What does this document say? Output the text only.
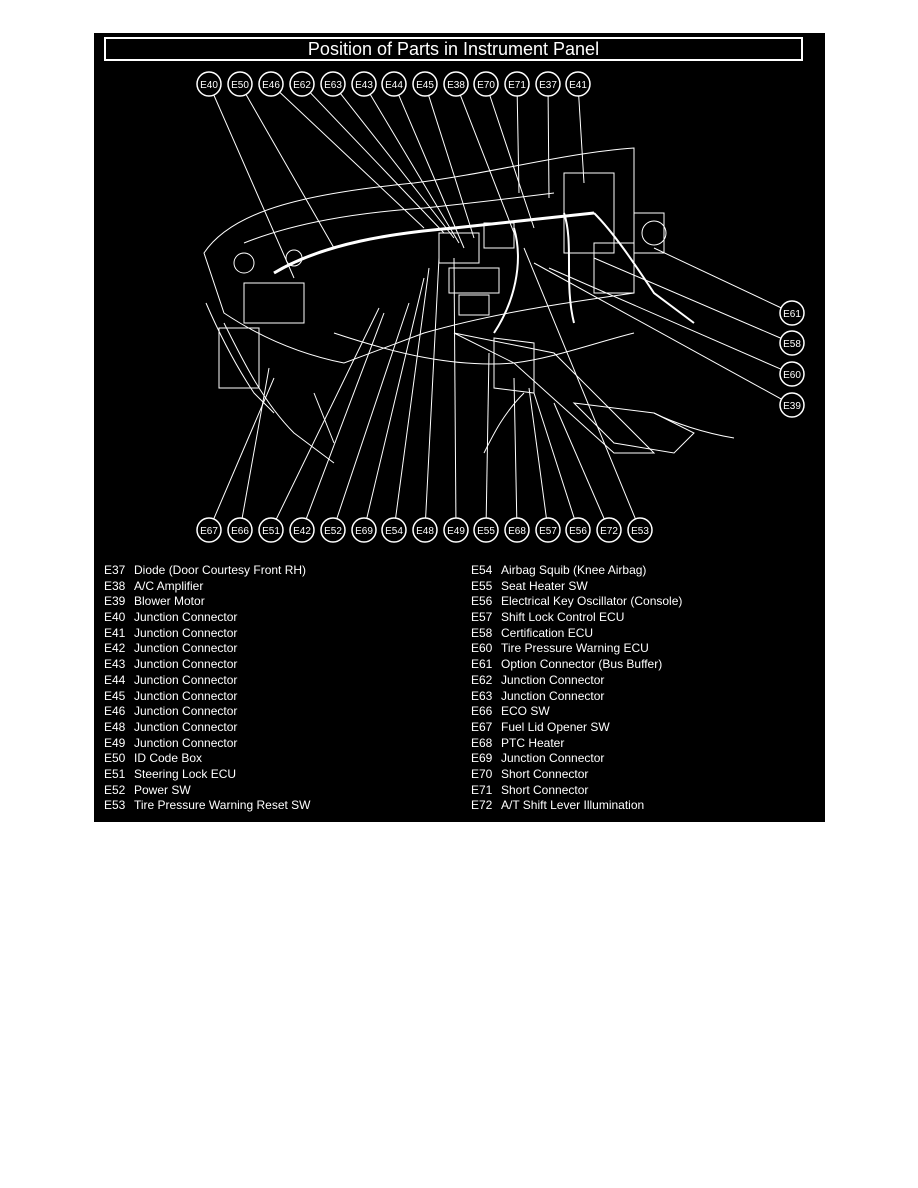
Position of Parts in Instrument Panel
E40 E50 E46 E62 E63 E43 E44 E45 E38 E70 E71 E37 E41
E61
E58
E60
E39
E67 E66 E51 E42 E52 E69 E54 E48 E49 E55 E68 E57 E56 E72 E53
E37 Diode (Door Courtesy Front RH)
E38 A/C Amplifier
E39 Blower Motor
E40 Junction Connector
E41 Junction Connector
E42 Junction Connector
E43 Junction Connector
E44 Junction Connector
E45 Junction Connector
E46 Junction Connector
E48 Junction Connector
E49 Junction Connector
E50 ID Code Box
E51 Steering Lock ECU
E52 Power SW
E53 Tire Pressure Warning Reset SW
E54 Airbag Squib (Knee Airbag)
E55 Seat Heater SW
E56 Electrical Key Oscillator (Console)
E57 Shift Lock Control ECU
E58 Certification ECU
E60 Tire Pressure Warning ECU
E61 Option Connector (Bus Buffer)
E62 Junction Connector
E63 Junction Connector
E66 ECO SW
E67 Fuel Lid Opener SW
E68 PTC Heater
E69 Junction Connector
E70 Short Connector
E71 Short Connector
E72 A/T Shift Lever Illumination
